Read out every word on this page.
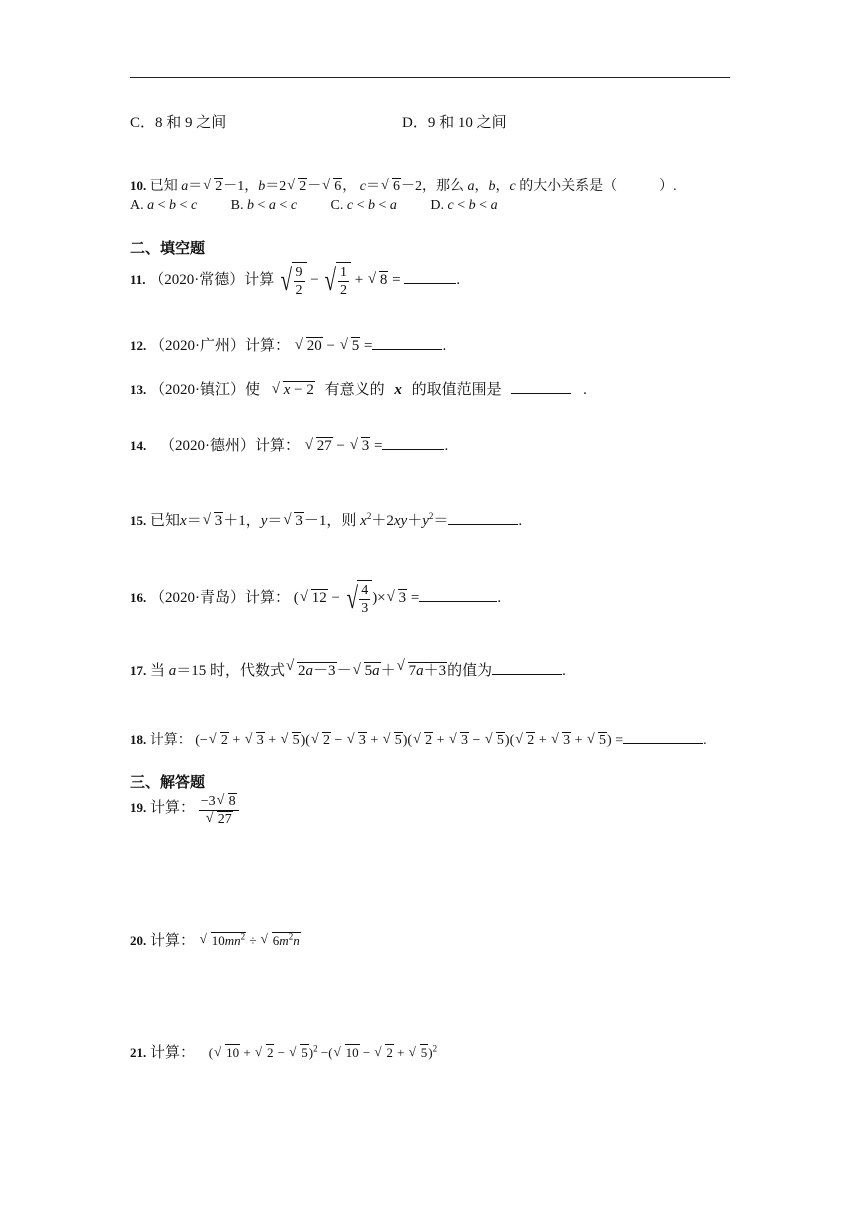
C．8 和 9 之间	D．9 和 10 之间
10. 已知 a＝ √ 2－1，b＝2 √ 2－ √ 6， c＝ √ 6－2，那么 a，b，c 的大小关系是（　　　）.
A. a < b < c B. b < a < c C. c < b < a D. c < b < a
二、填空题
11. （2020·常德）计算 √ $\frac{9}{2}$ − √ $\frac{1}{2}$ + √ 8 =	.
12. （2020·广州）计算： √ 20 − √ 5 =	.
13. （2020·镇江）使 √ x − 2 有意义的 x 的取值范围是	.
14. （2020·德州）计算： √ 27 − √ 3 =	.
15. 已知x＝ √ 3＋1，y＝ √ 3－1，则 $x^2+2xy+y^2=$	.
16. （2020·青岛）计算： ( √ 12 − √ $\frac{4}{3}$ )× √ 3 =	.
17. 当 a＝15 时，代数式 √ 2a－3－ √ 5a＋ √ 7a＋3的值为	.
18. 计算： (− √ 2 + √ 3 + √ 5)( √ 2 − √ 3 + √ 5)( √ 2 + √ 3 − √ 5)( √ 2 + √ 3 + √ 5) =	.
三、解答题
19. 计算： −3 √ 8
√ 27
20. 计算： √ $10mn^2$ ÷ √ $6m^2n$
21. 计算： ( √ 10 + √ 2 − √ 5)$^2$ −( √ 10 − √ 2 + √ 5)$^2$
